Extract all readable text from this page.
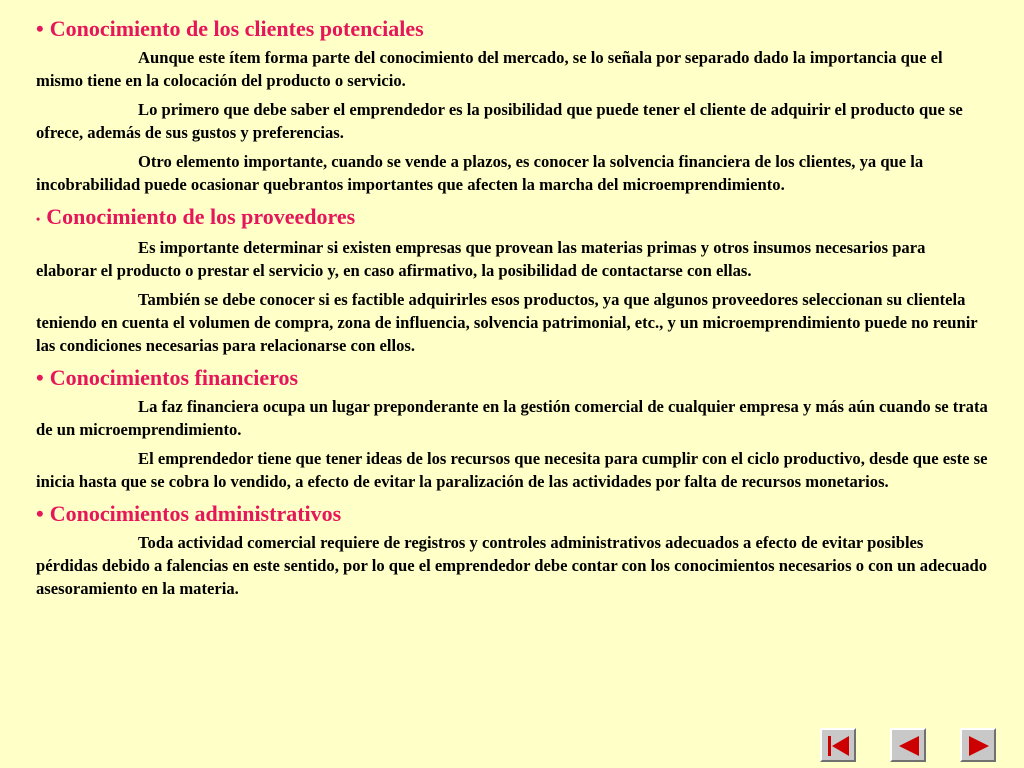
• Conocimiento de los clientes potenciales

Aunque este ítem forma parte del conocimiento del mercado, se lo señala por separado dado la importancia que el mismo tiene en la colocación del producto o servicio.

Lo primero que debe saber el emprendedor es la posibilidad que puede tener el cliente de adquirir el producto que se ofrece, además de sus gustos y preferencias.

Otro elemento importante, cuando se vende a plazos, es conocer la solvencia financiera de los clientes, ya que la incobrabilidad puede ocasionar quebrantos importantes que afecten la marcha del microemprendimiento.

• Conocimiento de los proveedores

Es importante determinar si existen empresas que provean las materias primas y otros insumos necesarios para elaborar el producto o prestar el servicio y, en caso afirmativo, la posibilidad de contactarse con ellas.

También se debe conocer si es factible adquirirles esos productos, ya que algunos proveedores seleccionan su clientela teniendo en cuenta el volumen de compra, zona de influencia, solvencia patrimonial, etc., y un microemprendimiento puede no reunir las condiciones necesarias para relacionarse con ellos.

• Conocimientos financieros

La faz financiera ocupa un lugar preponderante en la gestión comercial de cualquier empresa y más aún cuando se trata de un microemprendimiento.

El emprendedor tiene que tener ideas de los recursos que necesita para cumplir con el ciclo productivo, desde que este se inicia hasta que se cobra lo vendido, a efecto de evitar la paralización de las actividades por falta de recursos monetarios.

• Conocimientos administrativos

Toda actividad comercial requiere de registros y controles administrativos adecuados a efecto de evitar posibles pérdidas debido a falencias en este sentido, por lo que el emprendedor debe contar con los conocimientos necesarios o con un adecuado asesoramiento en la materia.
